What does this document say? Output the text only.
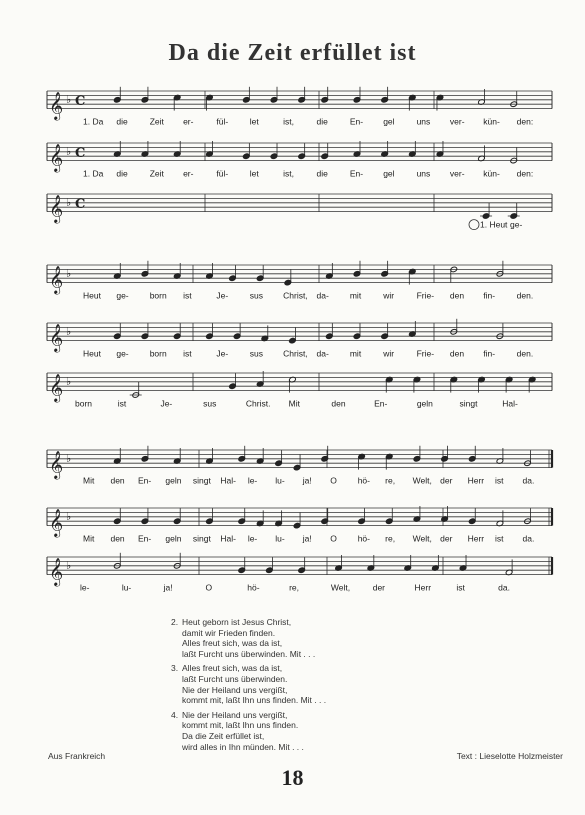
Da die Zeit erfüllet ist
𝄞 ♭ C
1. Da die	Zeit er-	fül-	let	ist,	die	En- gel	uns ver- kün- den:
𝄞 ♭ C
1. Da die	Zeit er-	fül-	let	ist,	die	En- gel	uns ver- kün- den:
𝄞 ♭ C
1. Heut ge-
𝄞 ♭
Heut ge- born ist	Je-	sus Christ, da- mit	wir	Frie- den fin-	den.
𝄞 ♭
Heut ge- born ist	Je-	sus Christ, da- mit	wir	Frie- den fin-	den.
𝄞 ♭
born	ist	Je-	sus	Christ. Mit	den	En-	geln	singt	Hal-
𝄞 ♭
Mit den En- geln singt Hal- le- lu- ja! O hö- re, Welt, der Herr ist da.
𝄞 ♭
Mit den En- geln singt Hal- le- lu- ja! O hö- re, Welt, der Herr ist da.
𝄞 ♭
le-	lu-	ja!	O	hö-	re,	Welt,	der	Herr	ist	da.
2. Heut geborn ist Jesus Christ,
damit wir Frieden finden.
Alles freut sich, was da ist,
laßt Furcht uns überwinden. Mit . . .
3. Alles freut sich, was da ist,
laßt Furcht uns überwinden.
Nie der Heiland uns vergißt,
kommt mit, laßt Ihn uns finden. Mit . . .
4. Nie der Heiland uns vergißt,
kommt mit, laßt Ihn uns finden.
Da die Zeit erfüllet ist,
wird alles in Ihn münden. Mit . . .
Aus Frankreich	Text : Lieselotte Holzmeister
18
